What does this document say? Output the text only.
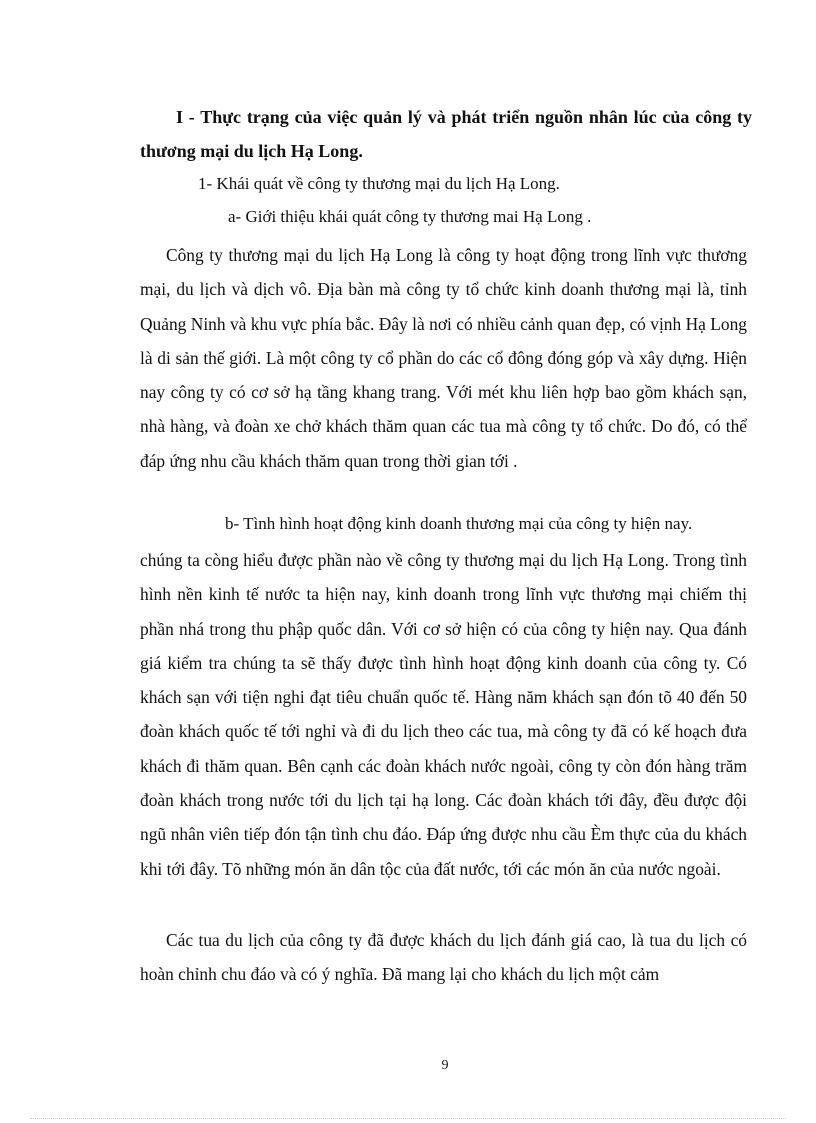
I - Thực trạng của việc quản lý và phát triển nguồn nhân lúc của công ty thương mại du lịch Hạ Long.

1- Khái quát về công ty thương mại du lịch Hạ Long.

a- Giới thiệu khái quát công ty thương mai Hạ Long .

Công ty thương mại du lịch Hạ Long là công ty hoạt động trong lĩnh vực thương mại, du lịch và dịch vô. Địa bàn mà công ty tổ chức kinh doanh thương mại là, tỉnh Quảng Ninh và khu vực phía bắc. Đây là nơi có nhiều cảnh quan đẹp, có vịnh Hạ Long là di sản thế giới. Là một công ty cổ phần do các cổ đông đóng góp và xây dựng. Hiện nay công ty có cơ sở hạ tầng khang trang. Với mét khu liên hợp bao gồm khách sạn, nhà hàng, và đoàn xe chở khách thăm quan các tua mà công ty tổ chức. Do đó, có thể đáp ứng nhu cầu khách thăm quan trong thời gian tới .

b- Tình hình hoạt động kinh doanh thương mại của công ty hiện nay.

chúng ta còng hiểu được phần nào về công ty thương mại du lịch Hạ Long. Trong tình hình nền kinh tế nước ta hiện nay, kinh doanh trong lĩnh vực thương mại chiếm thị phần nhá trong thu phập quốc dân. Với cơ sở hiện có của công ty hiện nay. Qua đánh giá kiểm tra chúng ta sẽ thấy được tình hình hoạt động kinh doanh của công ty. Có khách sạn với tiện nghi đạt tiêu chuẩn quốc tế. Hàng năm khách sạn đón tõ 40 đến 50 đoàn khách quốc tế tới nghỉ và đi du lịch theo các tua, mà công ty đã có kế hoạch đưa khách đi thăm quan. Bên cạnh các đoàn khách nước ngoài, công ty còn đón hàng trăm đoàn khách trong nước tới du lịch tại hạ long. Các đoàn khách tới đây, đều được đội ngũ nhân viên tiếp đón tận tình chu đáo. Đáp ứng được nhu cầu Èm thực của du khách khi tới đây. Tõ những món ăn dân tộc của đất nước, tới các món ăn của nước ngoài.

Các tua du lịch của công ty đã được khách du lịch đánh giá cao, là tua du lịch có hoàn chỉnh chu đáo và có ý nghĩa. Đã mang lại cho khách du lịch một cảm

9
